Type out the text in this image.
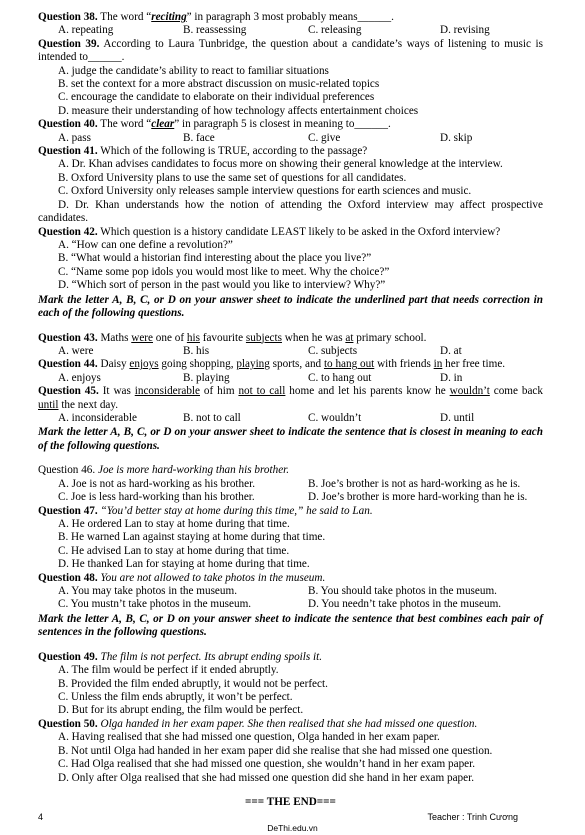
Question 38. The word “reciting” in paragraph 3 most probably means______.

A. repeating	B. reassessing	C. releasing	D. revising

Question 39. According to Laura Tunbridge, the question about a candidate’s ways of listening to music is intended to______.

A. judge the candidate’s ability to react to familiar situations

B. set the context for a more abstract discussion on music-related topics

C. encourage the candidate to elaborate on their individual preferences

D. measure their understanding of how technology affects entertainment choices

Question 40. The word “clear” in paragraph 5 is closest in meaning to______.

A. pass	B. face	C. give	D. skip

Question 41. Which of the following is TRUE, according to the passage?

A. Dr. Khan advises candidates to focus more on showing their general knowledge at the interview.

B. Oxford University plans to use the same set of questions for all candidates.

C. Oxford University only releases sample interview questions for earth sciences and music.

D. Dr. Khan understands how the notion of attending the Oxford interview may affect prospective candidates.

Question 42. Which question is a history candidate LEAST likely to be asked in the Oxford interview?

A. “How can one define a revolution?”

B. “What would a historian find interesting about the place you live?”

C. “Name some pop idols you would most like to meet. Why the choice?”

D. “Which sort of person in the past would you like to interview? Why?”

Mark the letter A, B, C, or D on your answer sheet to indicate the underlined part that needs correction in each of the following questions.

Question 43. Maths were one of his favourite subjects when he was at primary school.

A. were	B. his	C. subjects	D. at

Question 44. Daisy enjoys going shopping, playing sports, and to hang out with friends in her free time.

A. enjoys	B. playing	C. to hang out	D. in

Question 45. It was inconsiderable of him not to call home and let his parents know he wouldn’t come back until the next day.

A. inconsiderable	B. not to call	C. wouldn’t	D. until

Mark the letter A, B, C, or D on your answer sheet to indicate the sentence that is closest in meaning to each of the following questions.

Question 46. Joe is more hard-working than his brother.

A. Joe is not as hard-working as his brother.	B. Joe’s brother is not as hard-working as he is.
C. Joe is less hard-working than his brother.	D. Joe’s brother is more hard-working than he is.

Question 47. “You’d better stay at home during this time,” he said to Lan.

A. He ordered Lan to stay at home during that time.

B. He warned Lan against staying at home during that time.

C. He advised Lan to stay at home during that time.

D. He thanked Lan for staying at home during that time.

Question 48. You are not allowed to take photos in the museum.

A. You may take photos in the museum.	B. You should take photos in the museum.
C. You mustn’t take photos in the museum.	D. You needn’t take photos in the museum.

Mark the letter A, B, C, or D on your answer sheet to indicate the sentence that best combines each pair of sentences in the following questions.

Question 49. The film is not perfect. Its abrupt ending spoils it.

A. The film would be perfect if it ended abruptly.

B. Provided the film ended abruptly, it would not be perfect.

C. Unless the film ends abruptly, it won’t be perfect.

D. But for its abrupt ending, the film would be perfect.

Question 50. Olga handed in her exam paper. She then realised that she had missed one question.

A. Having realised that she had missed one question, Olga handed in her exam paper.

B. Not until Olga had handed in her exam paper did she realise that she had missed one question.

C. Had Olga realised that she had missed one question, she wouldn’t hand in her exam paper.

D. Only after Olga realised that she had missed one question did she hand in her exam paper.

=== THE END===

4	Teacher : Trinh Cương
DeThi.edu.vn
